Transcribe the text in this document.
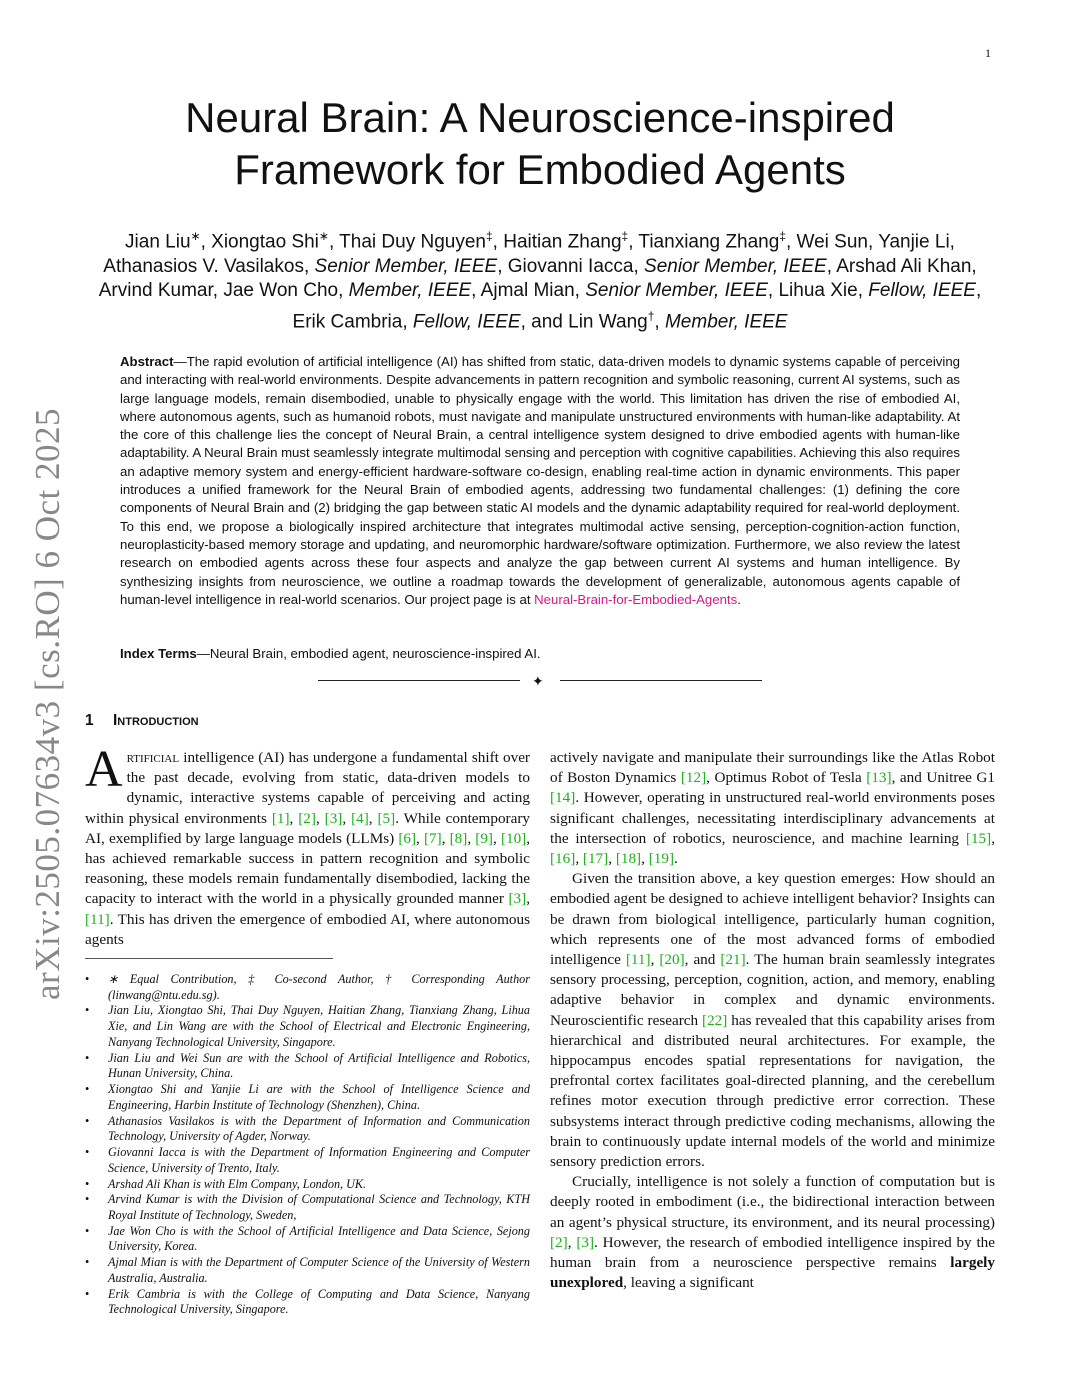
1
arXiv:2505.07634v3 [cs.RO] 6 Oct 2025
Neural Brain: A Neuroscience-inspired
Framework for Embodied Agents
Jian Liu∗, Xiongtao Shi∗, Thai Duy Nguyen‡, Haitian Zhang‡, Tianxiang Zhang‡, Wei Sun, Yanjie Li,
Athanasios V. Vasilakos, Senior Member, IEEE, Giovanni Iacca, Senior Member, IEEE, Arshad Ali Khan,
Arvind Kumar, Jae Won Cho, Member, IEEE, Ajmal Mian, Senior Member, IEEE, Lihua Xie, Fellow, IEEE,
Erik Cambria, Fellow, IEEE, and Lin Wang†, Member, IEEE
Abstract—The rapid evolution of artificial intelligence (AI) has shifted from static, data-driven models to dynamic systems capable of perceiving and interacting with real-world environments. Despite advancements in pattern recognition and symbolic reasoning, current AI systems, such as large language models, remain disembodied, unable to physically engage with the world. This limitation has driven the rise of embodied AI, where autonomous agents, such as humanoid robots, must navigate and manipulate unstructured environments with human-like adaptability. At the core of this challenge lies the concept of Neural Brain, a central intelligence system designed to drive embodied agents with human-like adaptability. A Neural Brain must seamlessly integrate multimodal sensing and perception with cognitive capabilities. Achieving this also requires an adaptive memory system and energy-efficient hardware-software co-design, enabling real-time action in dynamic environments. This paper introduces a unified framework for the Neural Brain of embodied agents, addressing two fundamental challenges: (1) defining the core components of Neural Brain and (2) bridging the gap between static AI models and the dynamic adaptability required for real-world deployment. To this end, we propose a biologically inspired architecture that integrates multimodal active sensing, perception-cognition-action function, neuroplasticity-based memory storage and updating, and neuromorphic hardware/software optimization. Furthermore, we also review the latest research on embodied agents across these four aspects and analyze the gap between current AI systems and human intelligence. By synthesizing insights from neuroscience, we outline a roadmap towards the development of generalizable, autonomous agents capable of human-level intelligence in real-world scenarios. Our project page is at Neural-Brain-for-Embodied-Agents.
Index Terms—Neural Brain, embodied agent, neuroscience-inspired AI.
✦
1 Introduction

Artificial intelligence (AI) has undergone a fundamental shift over the past decade, evolving from static, data-driven models to dynamic, interactive systems capable of perceiving and acting within physical environments [1], [2], [3], [4], [5]. While contemporary AI, exemplified by large language models (LLMs) [6], [7], [8], [9], [10], has achieved remarkable success in pattern recognition and symbolic reasoning, these models remain fundamentally disembodied, lacking the capacity to interact with the world in a physically grounded manner [3], [11]. This has driven the emergence of embodied AI, where autonomous agents

• ∗ Equal Contribution, ‡ Co-second Author, † Corresponding Author (linwang@ntu.edu.sg).
• Jian Liu, Xiongtao Shi, Thai Duy Nguyen, Haitian Zhang, Tianxiang Zhang, Lihua Xie, and Lin Wang are with the School of Electrical and Electronic Engineering, Nanyang Technological University, Singapore.
• Jian Liu and Wei Sun are with the School of Artificial Intelligence and Robotics, Hunan University, China.
• Xiongtao Shi and Yanjie Li are with the School of Intelligence Science and Engineering, Harbin Institute of Technology (Shenzhen), China.
• Athanasios Vasilakos is with the Department of Information and Communication Technology, University of Agder, Norway.
• Giovanni Iacca is with the Department of Information Engineering and Computer Science, University of Trento, Italy.
• Arshad Ali Khan is with Elm Company, London, UK.
• Arvind Kumar is with the Division of Computational Science and Technology, KTH Royal Institute of Technology, Sweden,
• Jae Won Cho is with the School of Artificial Intelligence and Data Science, Sejong University, Korea.
• Ajmal Mian is with the Department of Computer Science of the University of Western Australia, Australia.
• Erik Cambria is with the College of Computing and Data Science, Nanyang Technological University, Singapore.

actively navigate and manipulate their surroundings like the Atlas Robot of Boston Dynamics [12], Optimus Robot of Tesla [13], and Unitree G1 [14]. However, operating in unstructured real-world environments poses significant challenges, necessitating interdisciplinary advancements at the intersection of robotics, neuroscience, and machine learning [15], [16], [17], [18], [19].

Given the transition above, a key question emerges: How should an embodied agent be designed to achieve intelligent behavior? Insights can be drawn from biological intelligence, particularly human cognition, which represents one of the most advanced forms of embodied intelligence [11], [20], and [21]. The human brain seamlessly integrates sensory processing, perception, cognition, action, and memory, enabling adaptive behavior in complex and dynamic environments. Neuroscientific research [22] has revealed that this capability arises from hierarchical and distributed neural architectures. For example, the hippocampus encodes spatial representations for navigation, the prefrontal cortex facilitates goal-directed planning, and the cerebellum refines motor execution through predictive error correction. These subsystems interact through predictive coding mechanisms, allowing the brain to continuously update internal models of the world and minimize sensory prediction errors.

Crucially, intelligence is not solely a function of computation but is deeply rooted in embodiment (i.e., the bidirectional interaction between an agent’s physical structure, its environment, and its neural processing) [2], [3]. However, the research of embodied intelligence inspired by the human brain from a neuroscience perspective remains largely unexplored, leaving a significant
